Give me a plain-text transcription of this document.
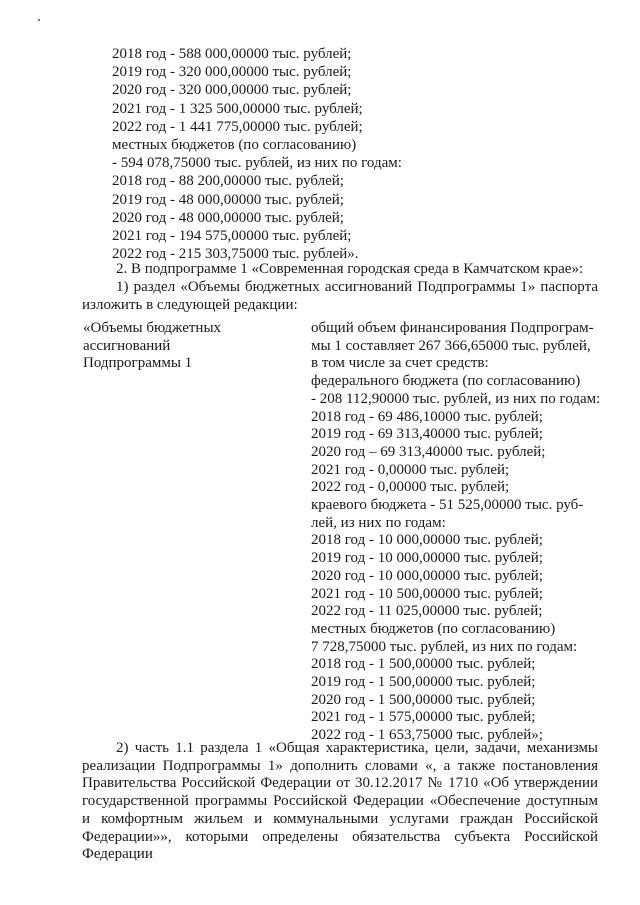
2018 год - 588 000,00000 тыс. рублей;
2019 год - 320 000,00000 тыс. рублей;
2020 год - 320 000,00000 тыс. рублей;
2021 год - 1 325 500,00000 тыс. рублей;
2022 год - 1 441 775,00000 тыс. рублей;
местных бюджетов (по согласованию)
- 594 078,75000 тыс. рублей, из них по годам:
2018 год - 88 200,00000 тыс. рублей;
2019 год - 48 000,00000 тыс. рублей;
2020 год - 48 000,00000 тыс. рублей;
2021 год - 194 575,00000 тыс. рублей;
2022 год - 215 303,75000 тыс. рублей».
2. В подпрограмме 1 «Современная городская среда в Камчатском крае»:
1) раздел «Объемы бюджетных ассигнований Подпрограммы 1» паспорта изложить в следующей редакции:
«Объемы бюджетных ассигнований Подпрограммы 1
общий объем финансирования Подпрограм-
мы 1 составляет 267 366,65000 тыс. рублей,
в том числе за счет средств:
федерального бюджета (по согласованию)
- 208 112,90000 тыс. рублей, из них по годам:
2018 год - 69 486,10000 тыс. рублей;
2019 год - 69 313,40000 тыс. рублей;
2020 год – 69 313,40000 тыс. рублей;
2021 год - 0,00000 тыс. рублей;
2022 год - 0,00000 тыс. рублей;
краевого бюджета - 51 525,00000 тыс. руб-
лей, из них по годам:
2018 год - 10 000,00000 тыс. рублей;
2019 год - 10 000,00000 тыс. рублей;
2020 год - 10 000,00000 тыс. рублей;
2021 год - 10 500,00000 тыс. рублей;
2022 год - 11 025,00000 тыс. рублей;
местных бюджетов (по согласованию)
7 728,75000 тыс. рублей, из них по годам:
2018 год - 1 500,00000 тыс. рублей;
2019 год - 1 500,00000 тыс. рублей;
2020 год - 1 500,00000 тыс. рублей;
2021 год - 1 575,00000 тыс. рублей;
2022 год - 1 653,75000 тыс. рублей»;
2) часть 1.1 раздела 1 «Общая характеристика, цели, задачи, механизмы реализации Подпрограммы 1» дополнить словами «, а также постановления Правительства Российской Федерации от 30.12.2017 № 1710 «Об утверждении государственной программы Российской Федерации «Обеспечение доступным и комфортным жильем и коммунальными услугами граждан Российской Федерации»», которыми определены обязательства субъекта Российской Федерации
